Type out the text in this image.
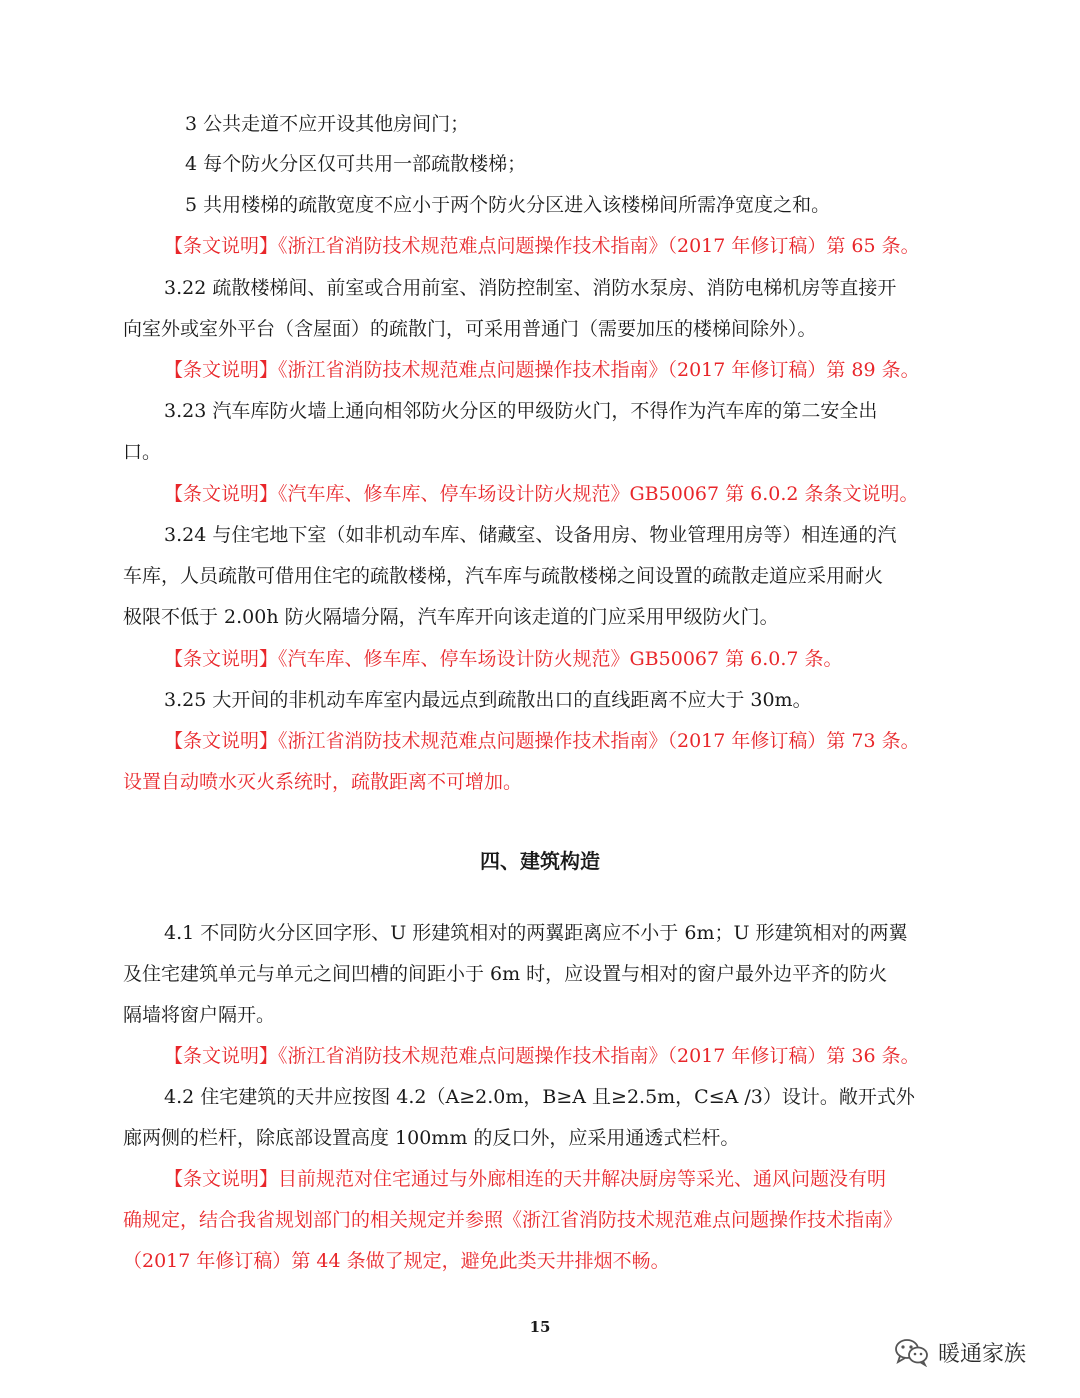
3 公共走道不应开设其他房间门；
4 每个防火分区仅可共用一部疏散楼梯；
5 共用楼梯的疏散宽度不应小于两个防火分区进入该楼梯间所需净宽度之和。
【条文说明】《浙江省消防技术规范难点问题操作技术指南》（2017 年修订稿）第 65 条。
3.22 疏散楼梯间、前室或合用前室、消防控制室、消防水泵房、消防电梯机房等直接开
向室外或室外平台（含屋面）的疏散门，可采用普通门（需要加压的楼梯间除外）。
【条文说明】《浙江省消防技术规范难点问题操作技术指南》（2017 年修订稿）第 89 条。
3.23 汽车库防火墙上通向相邻防火分区的甲级防火门，不得作为汽车库的第二安全出
口。
【条文说明】《汽车库、修车库、停车场设计防火规范》GB50067 第 6.0.2 条条文说明。
3.24 与住宅地下室（如非机动车库、储藏室、设备用房、物业管理用房等）相连通的汽
车库，人员疏散可借用住宅的疏散楼梯，汽车库与疏散楼梯之间设置的疏散走道应采用耐火
极限不低于 2.00h 防火隔墙分隔，汽车库开向该走道的门应采用甲级防火门。
【条文说明】《汽车库、修车库、停车场设计防火规范》GB50067 第 6.0.7 条。
3.25 大开间的非机动车库室内最远点到疏散出口的直线距离不应大于 30m。
【条文说明】《浙江省消防技术规范难点问题操作技术指南》（2017 年修订稿）第 73 条。
设置自动喷水灭火系统时，疏散距离不可增加。
四、建筑构造
4.1 不同防火分区回字形、U 形建筑相对的两翼距离应不小于 6m；U 形建筑相对的两翼
及住宅建筑单元与单元之间凹槽的间距小于 6m 时，应设置与相对的窗户最外边平齐的防火
隔墙将窗户隔开。
【条文说明】《浙江省消防技术规范难点问题操作技术指南》（2017 年修订稿）第 36 条。
4.2 住宅建筑的天井应按图 4.2（A≥2.0m，B≥A 且≥2.5m，C≤A /3）设计。敞开式外
廊两侧的栏杆，除底部设置高度 100mm 的反口外，应采用通透式栏杆。
【条文说明】目前规范对住宅通过与外廊相连的天井解决厨房等采光、通风问题没有明
确规定，结合我省规划部门的相关规定并参照《浙江省消防技术规范难点问题操作技术指南》
（2017 年修订稿）第 44 条做了规定，避免此类天井排烟不畅。
15
暖通家族
